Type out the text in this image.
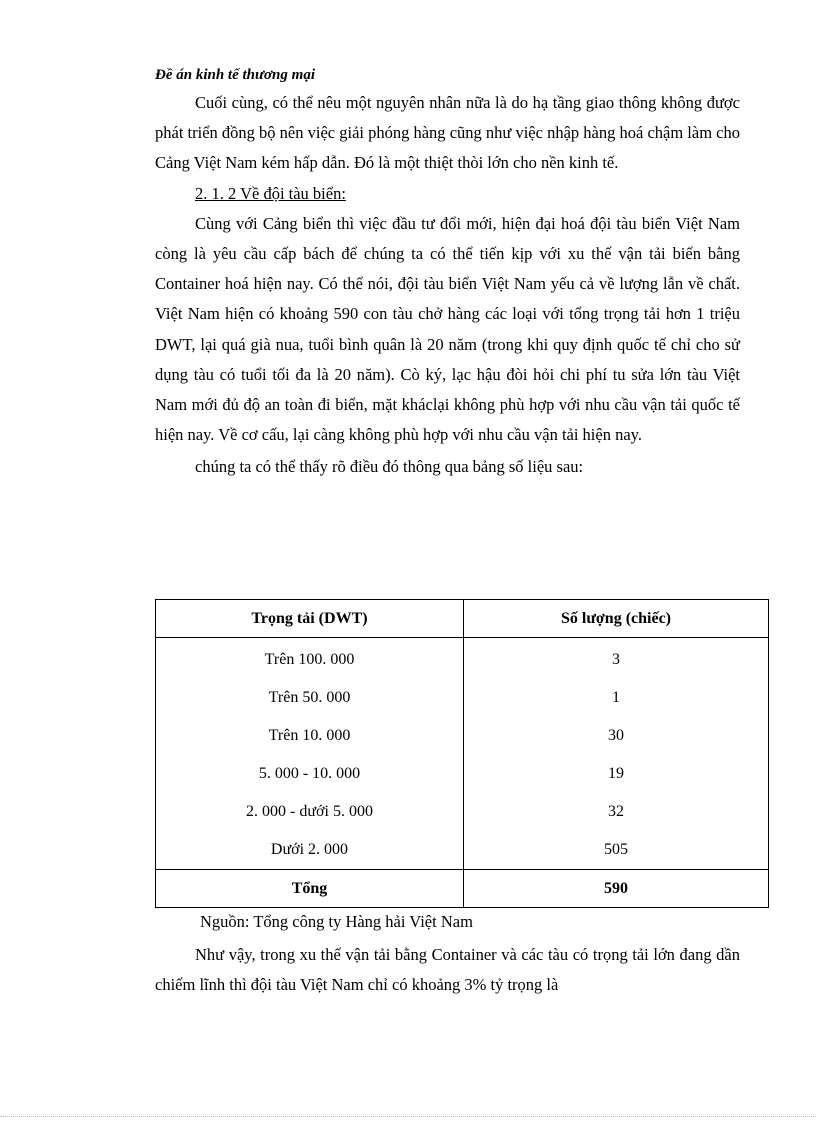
Đề án kinh tế thương mại

Cuối cùng, có thể nêu một nguyên nhân nữa là do hạ tầng giao thông không được phát triển đồng bộ nên việc giải phóng hàng cũng như việc nhập hàng hoá chậm làm cho Cảng Việt Nam kém hấp dẫn. Đó là một thiệt thòi lớn cho nền kinh tế.

2. 1. 2 Về đội tàu biển:

Cùng với Cảng biển thì việc đầu tư đổi mới, hiện đại hoá đội tàu biển Việt Nam còng là yêu cầu cấp bách để chúng ta có thể tiến kịp với xu thế vận tải biển bằng Container hoá hiện nay. Có thể nói, đội tàu biển Việt Nam yếu cả về lượng lẫn về chất. Việt Nam hiện có khoảng 590 con tàu chở hàng các loại với tổng trọng tải hơn 1 triệu DWT, lại quá già nua, tuổi bình quân là 20 năm (trong khi quy định quốc tế chỉ cho sử dụng tàu có tuổi tối đa là 20 năm). Cò ký, lạc hậu đòi hỏi chi phí tu sửa lớn tàu Việt Nam mới đủ độ an toàn đi biển, mặt kháclại không phù hợp với nhu cầu vận tải quốc tế hiện nay. Về cơ cấu, lại càng không phù hợp với nhu cầu vận tải hiện nay.

chúng ta có thể thấy rõ điều đó thông qua bảng số liệu sau:

Trọng tải (DWT)	Số lượng (chiếc)
Trên 100. 000	3
Trên 50. 000	1
Trên 10. 000	30
5. 000 - 10. 000	19
2. 000 - dưới 5. 000	32
Dưới 2. 000	505
Tổng	590
Nguồn: Tổng công ty Hàng hải Việt Nam

Như vậy, trong xu thế vận tải bằng Container và các tàu có trọng tải lớn đang dần chiếm lĩnh thì đội tàu Việt Nam chỉ có khoảng 3% tỷ trọng là
